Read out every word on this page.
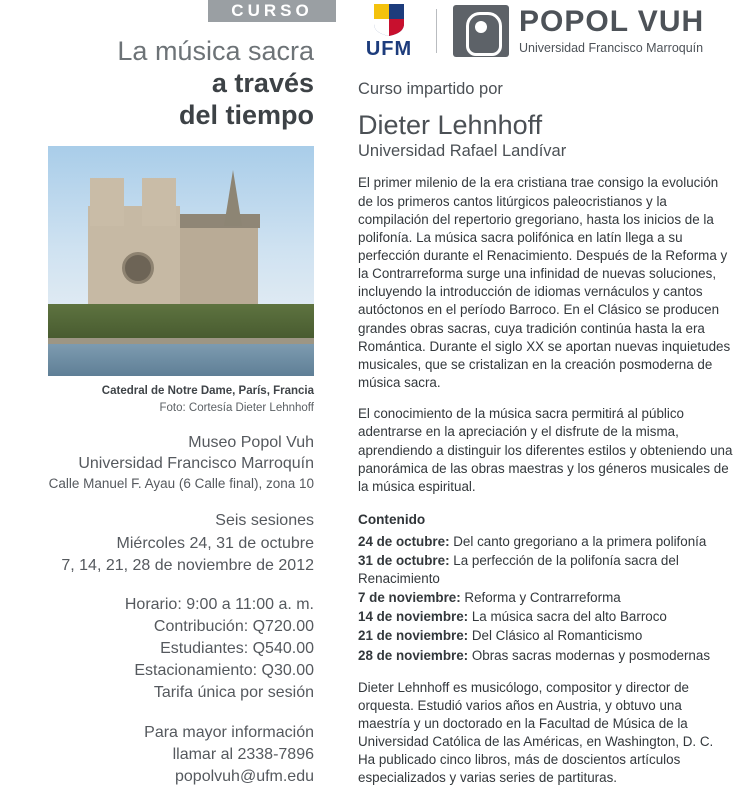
CURSO
La música sacra
a través
del tiempo
Catedral de Notre Dame, París, Francia
Foto: Cortesía Dieter Lehnhoff
Museo Popol Vuh
Universidad Francisco Marroquín
Calle Manuel F. Ayau (6 Calle final), zona 10
Seis sesiones
Miércoles 24, 31 de octubre
7, 14, 21, 28 de noviembre de 2012
Horario: 9:00 a 11:00 a. m.
Contribución: Q720.00
Estudiantes: Q540.00
Estacionamiento: Q30.00
Tarifa única por sesión
Para mayor información
llamar al 2338-7896
popolvuh@ufm.edu
UFM
POPOL VUH
Universidad Francisco Marroquín
Curso impartido por
Dieter Lehnhoff
Universidad Rafael Landívar
El primer milenio de la era cristiana trae consigo la evolución de los primeros cantos litúrgicos paleocristianos y la compilación del repertorio gregoriano, hasta los inicios de la polifonía. La música sacra polifónica en latín llega a su perfección durante el Renacimiento. Después de la Reforma y la Contrarreforma surge una infinidad de nuevas soluciones, incluyendo la introducción de idiomas vernáculos y cantos autóctonos en el período Barroco. En el Clásico se producen grandes obras sacras, cuya tradición continúa hasta la era Romántica. Durante el siglo XX se aportan nuevas inquietudes musicales, que se cristalizan en la creación posmoderna de música sacra.
El conocimiento de la música sacra permitirá al público adentrarse en la apreciación y el disfrute de la misma, aprendiendo a distinguir los diferentes estilos y obteniendo una panorámica de las obras maestras y los géneros musicales de la música espiritual.
Contenido
24 de octubre: Del canto gregoriano a la primera polifonía
31 de octubre: La perfección de la polifonía sacra del Renacimiento
7 de noviembre: Reforma y Contrarreforma
14 de noviembre: La música sacra del alto Barroco
21 de noviembre: Del Clásico al Romanticismo
28 de noviembre: Obras sacras modernas y posmodernas
Dieter Lehnhoff es musicólogo, compositor y director de orquesta. Estudió varios años en Austria, y obtuvo una maestría y un doctorado en la Facultad de Música de la Universidad Católica de las Américas, en Washington, D. C. Ha publicado cinco libros, más de doscientos artículos especializados y varias series de partituras.
